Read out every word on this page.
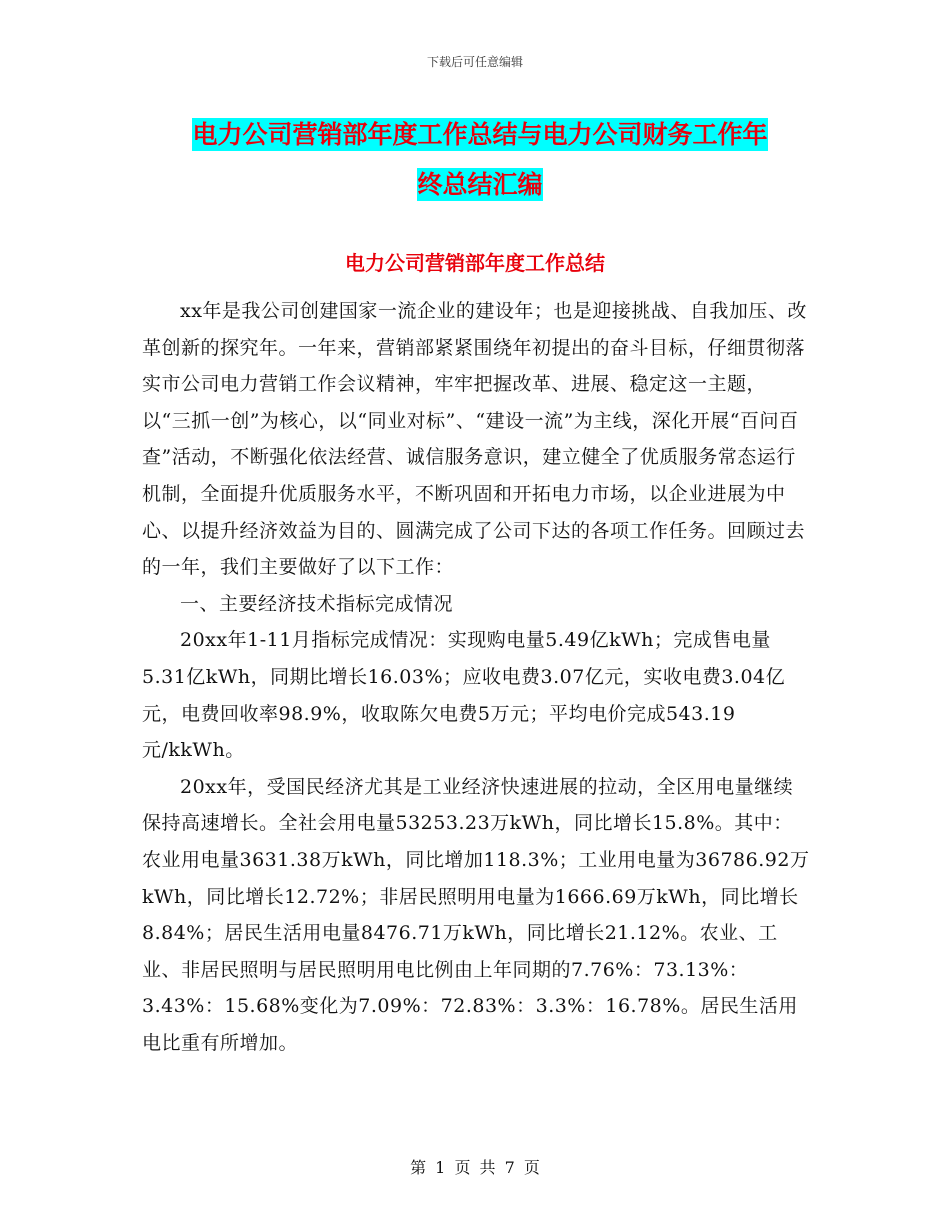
下载后可任意编辑
电力公司营销部年度工作总结与电力公司财务工作年
终总结汇编
电力公司营销部年度工作总结

xx年是我公司创建国家一流企业的建设年；也是迎接挑战、自我加压、改革创新的探究年。一年来，营销部紧紧围绕年初提出的奋斗目标，仔细贯彻落实市公司电力营销工作会议精神，牢牢把握改革、进展、稳定这一主题，以“三抓一创”为核心，以“同业对标”、“建设一流”为主线，深化开展“百问百查”活动，不断强化依法经营、诚信服务意识，建立健全了优质服务常态运行机制，全面提升优质服务水平，不断巩固和开拓电力市场，以企业进展为中心、以提升经济效益为目的、圆满完成了公司下达的各项工作任务。回顾过去的一年，我们主要做好了以下工作：

一、主要经济技术指标完成情况

20xx年1-11月指标完成情况：实现购电量5.49亿kWh；完成售电量5.31亿kWh，同期比增长16.03%；应收电费3.07亿元，实收电费3.04亿元，电费回收率98.9%，收取陈欠电费5万元；平均电价完成543.19元/kkWh。

20xx年，受国民经济尤其是工业经济快速进展的拉动，全区用电量继续保持高速增长。全社会用电量53253.23万kWh，同比增长15.8%。其中：农业用电量3631.38万kWh，同比增加118.3%；工业用电量为36786.92万kWh，同比增长12.72%；非居民照明用电量为1666.69万kWh，同比增长8.84%；居民生活用电量8476.71万kWh，同比增长21.12%。农业、工业、非居民照明与居民照明用电比例由上年同期的7.76%：73.13%：3.43%：15.68%变化为7.09%：72.83%：3.3%：16.78%。居民生活用电比重有所增加。

第 1 页 共 7 页
